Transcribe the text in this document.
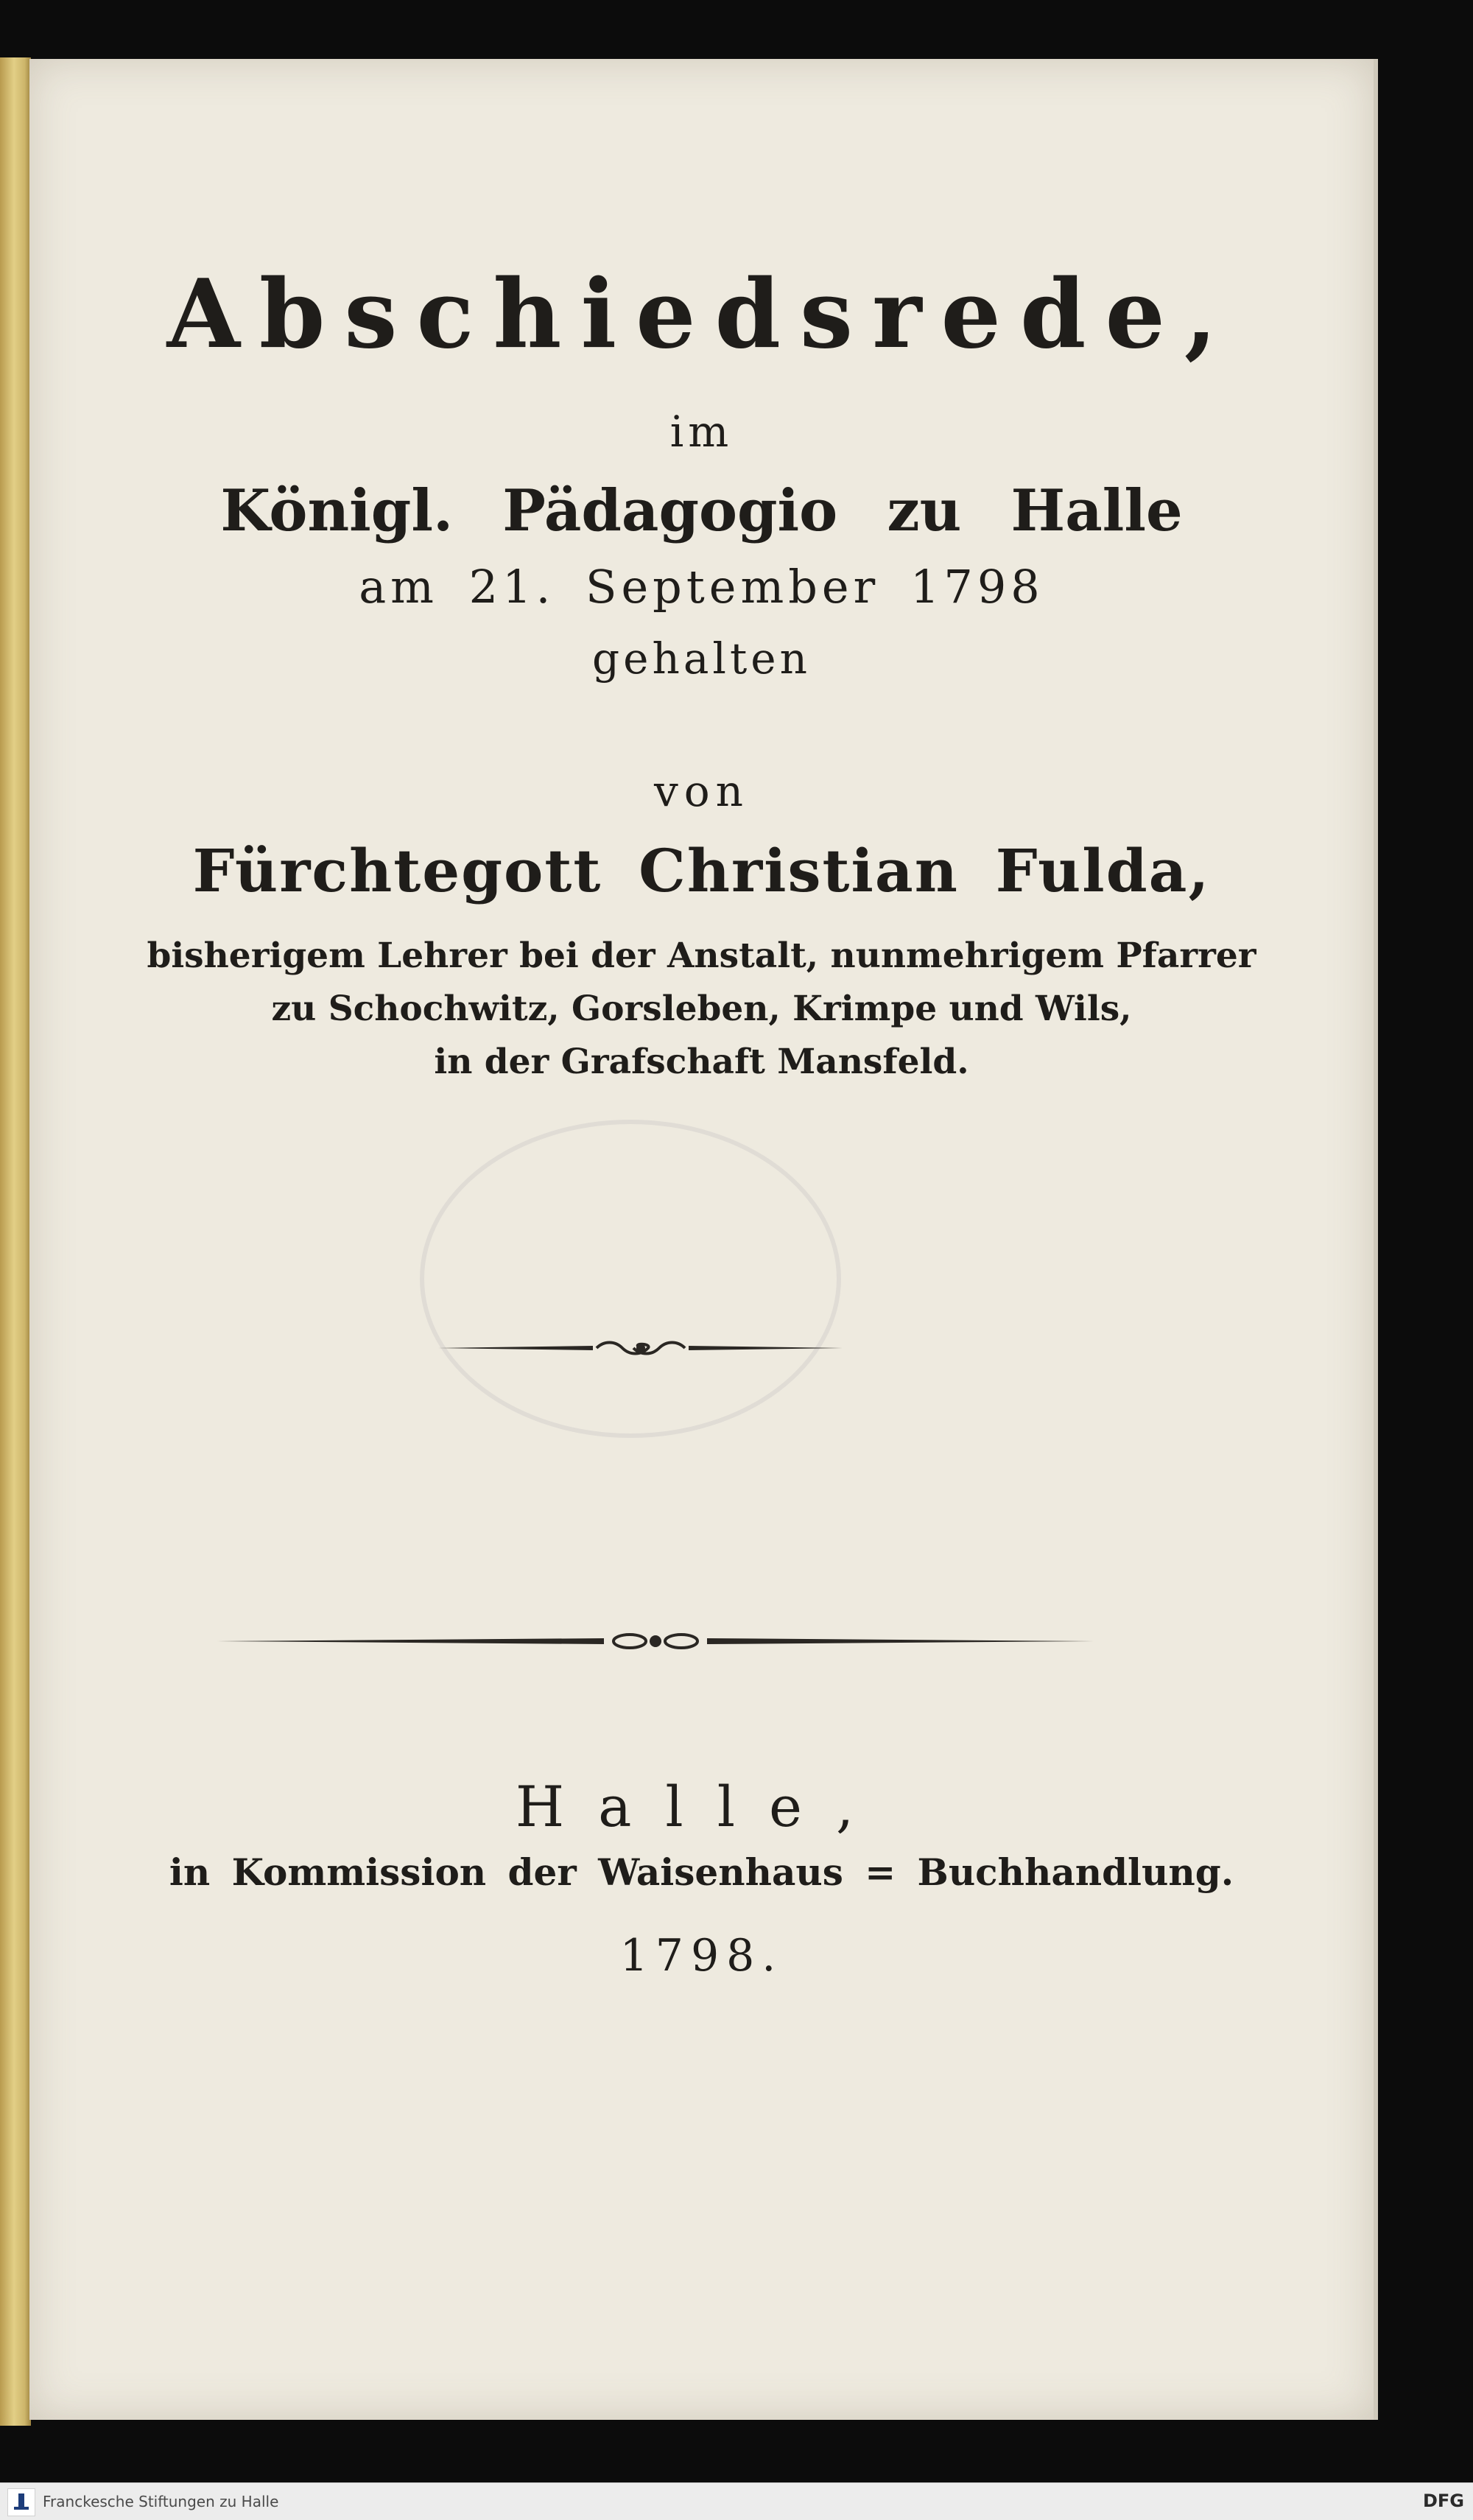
Abschiedsrede,
im
Königl. Pädagogio zu Halle
am 21. September 1798
gehalten
von
Fürchtegott Christian Fulda,
bisherigem Lehrer bei der Anstalt, nunmehrigem Pfarrer
zu Schochwitz, Gorsleben, Krimpe und Wils,
in der Grafschaft Mansfeld.
Halle,
in Kommission der Waisenhaus = Buchhandlung.
1798.
Franckesche Stiftungen zu Halle	DFG
